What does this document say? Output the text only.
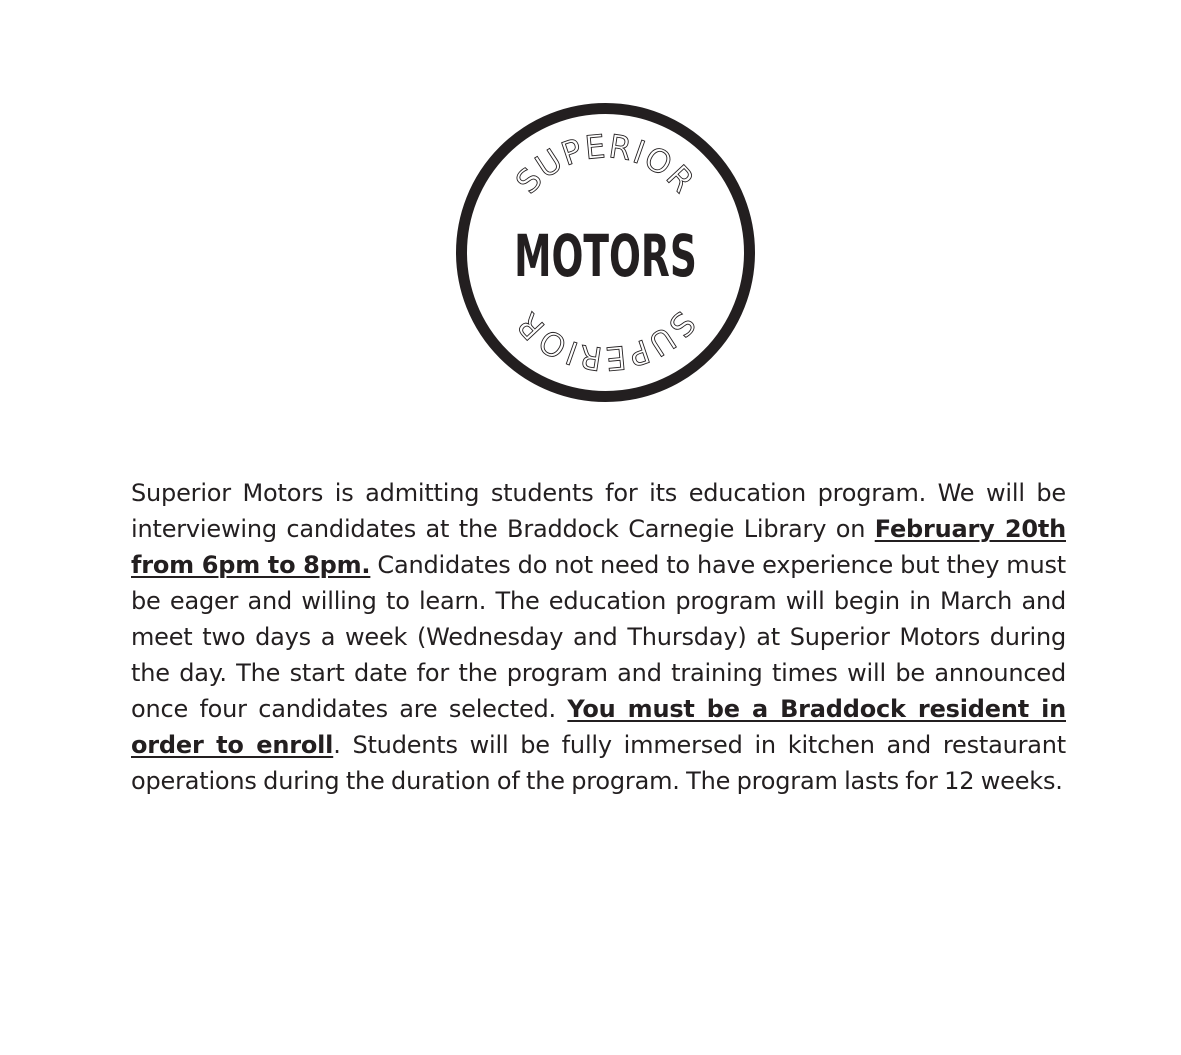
SUPERIOR
MOTORS
SUPERIOR

Superior Motors is admitting students for its education program. We will be interviewing candidates at the Braddock Carnegie Library on February 20th from 6pm to 8pm. Candidates do not need to have experience but they must be eager and willing to learn. The education program will begin in March and meet two days a week (Wednesday and Thursday) at Superior Motors during the day. The start date for the program and training times will be announced once four candidates are selected. You must be a Braddock resident in order to enroll. Students will be fully immersed in kitchen and restaurant operations during the duration of the program. The program lasts for 12 weeks.
